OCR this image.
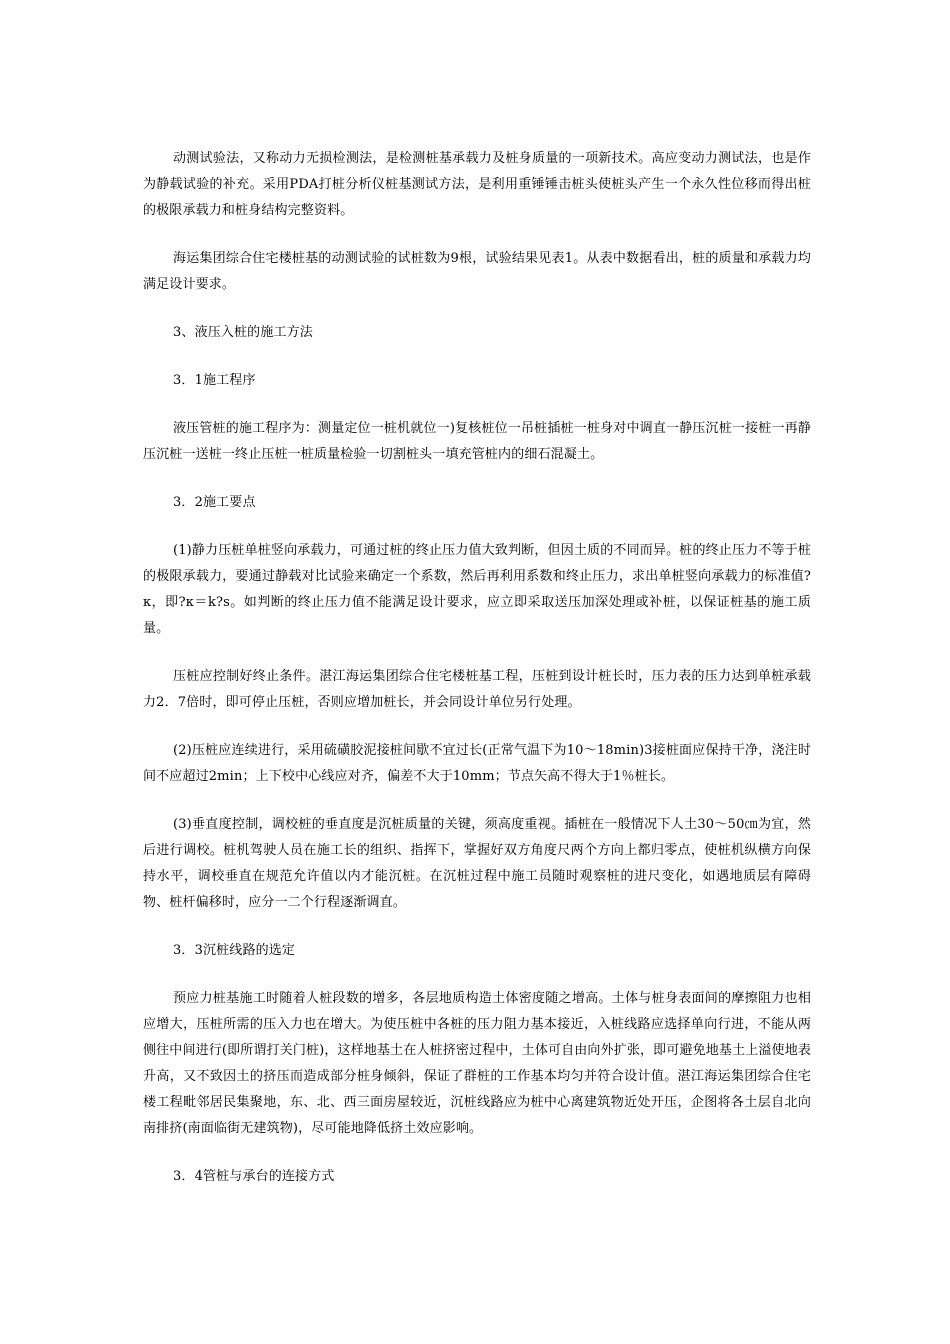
动测试验法，又称动力无损检测法，是检测桩基承载力及桩身质量的一项新技术。高应变动力测试法，也是作为静载试验的补充。采用PDA打桩分析仪桩基测试方法，是利用重锤锤击桩头使桩头产生一个永久性位移而得出桩的极限承载力和桩身结构完整资料。

海运集团综合住宅楼桩基的动测试验的试桩数为9根，试验结果见表1。从表中数据看出，桩的质量和承载力均满足设计要求。

3、液压入桩的施工方法

3．1施工程序

液压管桩的施工程序为：测量定位一桩机就位一)复核桩位一吊桩插桩一桩身对中调直一静压沉桩一接桩一再静压沉桩一送桩一终止压桩一桩质量检验一切割桩头一填充管桩内的细石混凝土。

3．2施工要点

(1)静力压桩单桩竖向承载力，可通过桩的终止压力值大致判断，但因土质的不同而异。桩的终止压力不等于桩的极限承载力，要通过静载对比试验来确定一个系数，然后再利用系数和终止压力，求出单桩竖向承载力的标准值?κ，即?κ＝k?s。如判断的终止压力值不能满足设计要求，应立即采取送压加深处理或补桩，以保证桩基的施工质量。

压桩应控制好终止条件。湛江海运集团综合住宅楼桩基工程，压桩到设计桩长时，压力表的压力达到单桩承载力2．7倍时，即可停止压桩，否则应增加桩长，并会同设计单位另行处理。

(2)压桩应连续进行，采用硫磺胶泥接桩间歇不宜过长(正常气温下为10～18min)3接桩面应保持干净，浇注时间不应超过2min；上下校中心线应对齐，偏差不大于10mm；节点矢高不得大于1％桩长。

(3)垂直度控制，调校桩的垂直度是沉桩质量的关键，须高度重视。插桩在一般情况下人土30～50㎝为宜，然后进行调校。桩机驾驶人员在施工长的组织、指挥下，掌握好双方角度尺两个方向上都归零点，使桩机纵横方向保持水平，调校垂直在规范允许值以内才能沉桩。在沉桩过程中施工员随时观察桩的进尺变化，如遇地质层有障碍物、桩杆偏移时，应分一二个行程逐渐调直。

3．3沉桩线路的选定

预应力桩基施工时随着人桩段数的增多，各层地质构造土体密度随之增高。土体与桩身表面间的摩擦阻力也相应增大，压桩所需的压入力也在增大。为使压桩中各桩的压力阻力基本接近，入桩线路应选择单向行进，不能从两侧往中间进行(即所谓打关门桩)，这样地基土在人桩挤密过程中，土体可自由向外扩张，即可避免地基土上溢使地表升高，又不致因土的挤压而造成部分桩身倾斜，保证了群桩的工作基本均匀并符合设计值。湛江海运集团综合住宅楼工程毗邻居民集聚地，东、北、西三面房屋较近，沉桩线路应为桩中心离建筑物近处开压，企图将各土层自北向南排挤(南面临街无建筑物)，尽可能地降低挤土效应影响。

3．4管桩与承台的连接方式
